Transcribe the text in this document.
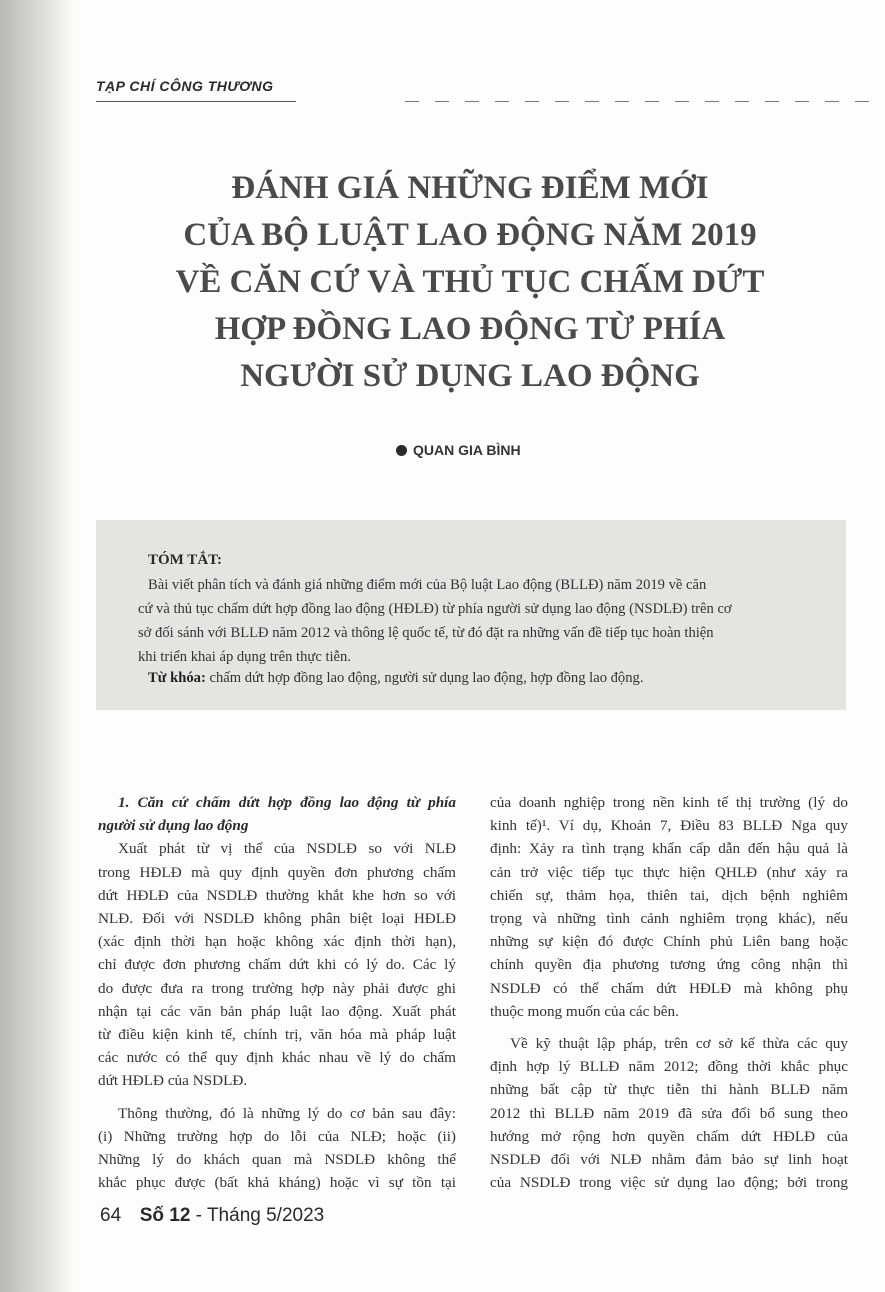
TẠP CHÍ CÔNG THƯƠNG
ĐÁNH GIÁ NHỮNG ĐIỂM MỚI
CỦA BỘ LUẬT LAO ĐỘNG NĂM 2019
VỀ CĂN CỨ VÀ THỦ TỤC CHẤM DỨT
HỢP ĐỒNG LAO ĐỘNG TỪ PHÍA
NGƯỜI SỬ DỤNG LAO ĐỘNG
QUAN GIA BÌNH
TÓM TẮT:
Bài viết phân tích và đánh giá những điểm mới của Bộ luật Lao động (BLLĐ) năm 2019 về căn
cứ và thủ tục chấm dứt hợp đồng lao động (HĐLĐ) từ phía người sử dụng lao động (NSDLĐ) trên cơ
sở đối sánh với BLLĐ năm 2012 và thông lệ quốc tế, từ đó đặt ra những vấn đề tiếp tục hoàn thiện
khi triển khai áp dụng trên thực tiễn.
Từ khóa: chấm dứt hợp đồng lao động, người sử dụng lao động, hợp đồng lao động.
1. Căn cứ chấm dứt hợp đồng lao động từ phía
người sử dụng lao động
Xuất phát từ vị thế của NSDLĐ so với NLĐ
trong HĐLĐ mà quy định quyền đơn phương chấm
dứt HĐLĐ của NSDLĐ thường khắt khe hơn so với
NLĐ. Đối với NSDLĐ không phân biệt loại HĐLĐ
(xác định thời hạn hoặc không xác định thời hạn),
chỉ được đơn phương chấm dứt khi có lý do. Các lý
do được đưa ra trong trường hợp này phải được ghi
nhận tại các văn bản pháp luật lao động. Xuất phát
từ điều kiện kinh tế, chính trị, văn hóa mà pháp luật
các nước có thể quy định khác nhau về lý do chấm
dứt HĐLĐ của NSDLĐ.
Thông thường, đó là những lý do cơ bản sau đây:
(i) Những trường hợp do lỗi của NLĐ; hoặc (ii)
Những lý do khách quan mà NSDLĐ không thể
khắc phục được (bất khả kháng) hoặc vì sự tồn tại
của doanh nghiệp trong nền kinh tế thị trường (lý do
kinh tế)¹. Ví dụ, Khoản 7, Điều 83 BLLĐ Nga quy
định: Xảy ra tình trạng khẩn cấp dẫn đến hậu quả là
cản trở việc tiếp tục thực hiện QHLĐ (như xảy ra
chiến sự, thảm họa, thiên tai, dịch bệnh nghiêm
trọng và những tình cảnh nghiêm trọng khác), nếu
những sự kiện đó được Chính phủ Liên bang hoặc
chính quyền địa phương tương ứng công nhận thì
NSDLĐ có thể chấm dứt HĐLĐ mà không phụ
thuộc mong muốn của các bên.
Về kỹ thuật lập pháp, trên cơ sở kế thừa các quy
định hợp lý BLLĐ năm 2012; đồng thời khắc phục
những bất cập từ thực tiễn thi hành BLLĐ năm
2012 thì BLLĐ năm 2019 đã sửa đổi bổ sung theo
hướng mở rộng hơn quyền chấm dứt HĐLĐ của
NSDLĐ đối với NLĐ nhằm đảm bảo sự linh hoạt
của NSDLĐ trong việc sử dụng lao động; bởi trong
64 Số 12 - Tháng 5/2023
